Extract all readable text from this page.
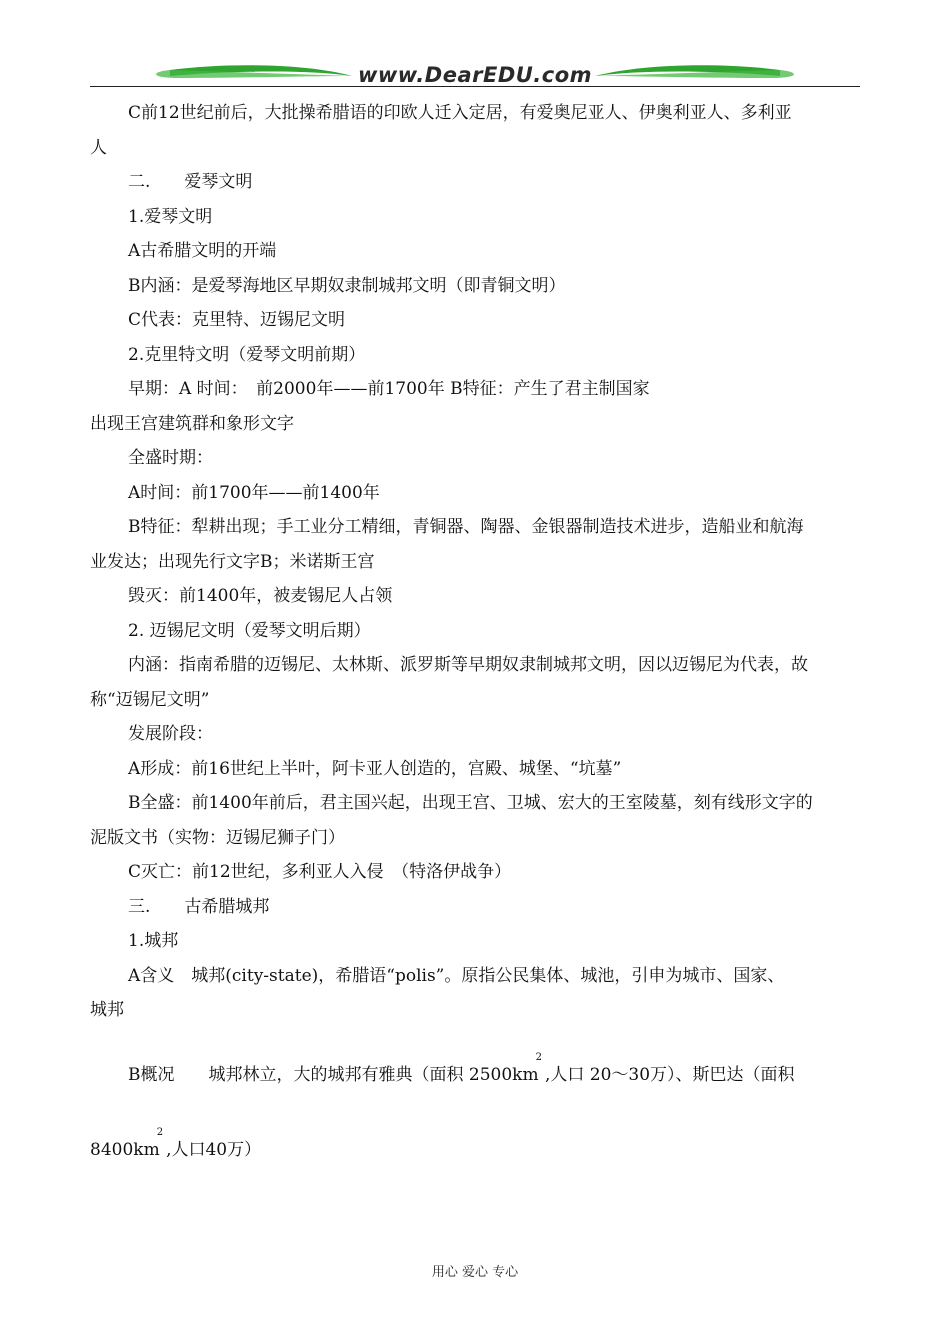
www.DearEDU.com

C前12世纪前后，大批操希腊语的印欧人迁入定居，有爱奥尼亚人、伊奥利亚人、多利亚

人

二.　　爱琴文明

1.爱琴文明

A古希腊文明的开端

B内涵：是爱琴海地区早期奴隶制城邦文明（即青铜文明）

C代表：克里特、迈锡尼文明

2.克里特文明（爱琴文明前期）

早期：A 时间：　前2000年——前1700年 B特征：产生了君主制国家

出现王宫建筑群和象形文字

全盛时期：

A时间：前1700年——前1400年

B特征：犁耕出现；手工业分工精细，青铜器、陶器、金银器制造技术进步，造船业和航海

业发达；出现先行文字B；米诺斯王宫

毁灭：前1400年，被麦锡尼人占领

2. 迈锡尼文明（爱琴文明后期）

内涵：指南希腊的迈锡尼、太林斯、派罗斯等早期奴隶制城邦文明，因以迈锡尼为代表，故

称“迈锡尼文明”

发展阶段：

A形成：前16世纪上半叶，阿卡亚人创造的，宫殿、城堡、“坑墓”

B全盛：前1400年前后，君主国兴起，出现王宫、卫城、宏大的王室陵墓，刻有线形文字的

泥版文书（实物：迈锡尼狮子门）

C灭亡：前12世纪，多利亚人入侵　（特洛伊战争）

三.　　古希腊城邦

1.城邦

A含义　城邦(city-state)，希腊语“polis”。原指公民集体、城池，引申为城市、国家、

城邦

B概况　　城邦林立，大的城邦有雅典（面积 $2500km^2$,人口 20～30万）、斯巴达（面积

$8400km^2$,人口40万）

用心 爱心 专心
